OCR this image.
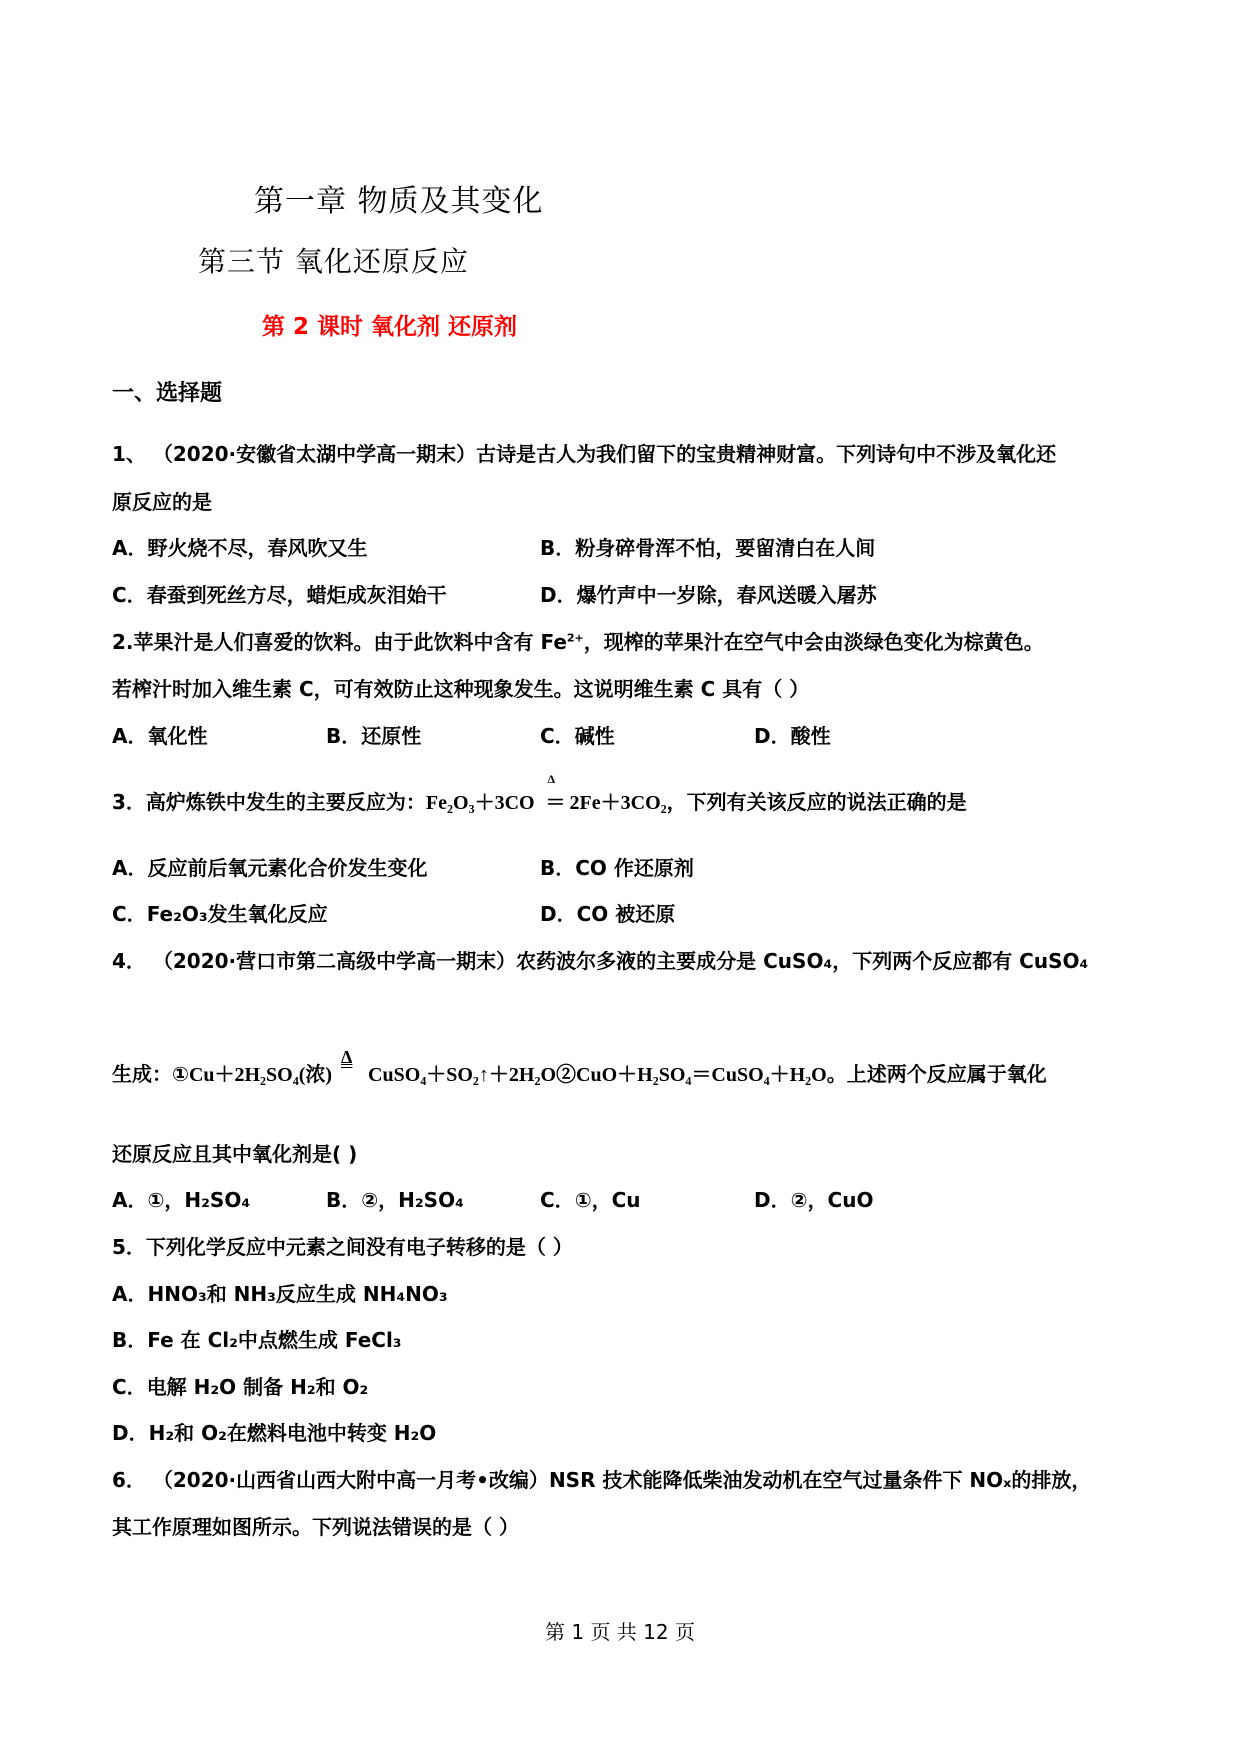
第一章 物质及其变化
第三节 氧化还原反应
第 2 课时 氧化剂 还原剂
一、选择题
1、 （2020·安徽省太湖中学高一期末）古诗是古人为我们留下的宝贵精神财富。下列诗句中不涉及氧化还
原反应的是
A．野火烧不尽，春风吹又生	B．粉身碎骨浑不怕，要留清白在人间
C．春蚕到死丝方尽，蜡炬成灰泪始干	D．爆竹声中一岁除，春风送暖入屠苏
2.苹果汁是人们喜爱的饮料。由于此饮料中含有 $Fe^{2+}$，现榨的苹果汁在空气中会由淡绿色变化为棕黄色。
若榨汁时加入维生素 C，可有效防止这种现象发生。这说明维生素 C 具有（ ）
A．氧化性	B．还原性	C．碱性	D．酸性
3．高炉炼铁中发生的主要反应为：Fe₂O₃＋3CO
Δ
＝ 2Fe＋3CO₂，下列有关该反应的说法正确的是
A．反应前后氧元素化合价发生变化	B．CO 作还原剂
C．Fe₂O₃发生氧化反应	D．CO 被还原
4． （2020·营口市第二高级中学高一期末）农药波尔多液的主要成分是 CuSO₄，下列两个反应都有 CuSO₄
生成：①Cu＋2H₂SO₄(浓)
Δ
CuSO₄＋SO₂↑＋2H₂O②CuO＋H₂SO₄＝CuSO₄＋H₂O。上述两个反应属于氧化
还原反应且其中氧化剂是( )
A．①，H₂SO₄	B．②，H₂SO₄	C．①，Cu	D．②，CuO
5．下列化学反应中元素之间没有电子转移的是（ ）
A．HNO₃和 NH₃反应生成 NH₄NO₃
B．Fe 在 Cl₂中点燃生成 FeCl₃
C．电解 H₂O 制备 H₂和 O₂
D．H₂和 O₂在燃料电池中转变 H₂O
6． （2020·山西省山西大附中高一月考•改编）NSR 技术能降低柴油发动机在空气过量条件下 NOₓ的排放，
其工作原理如图所示。下列说法错误的是（ ）
第 1 页 共 12 页
